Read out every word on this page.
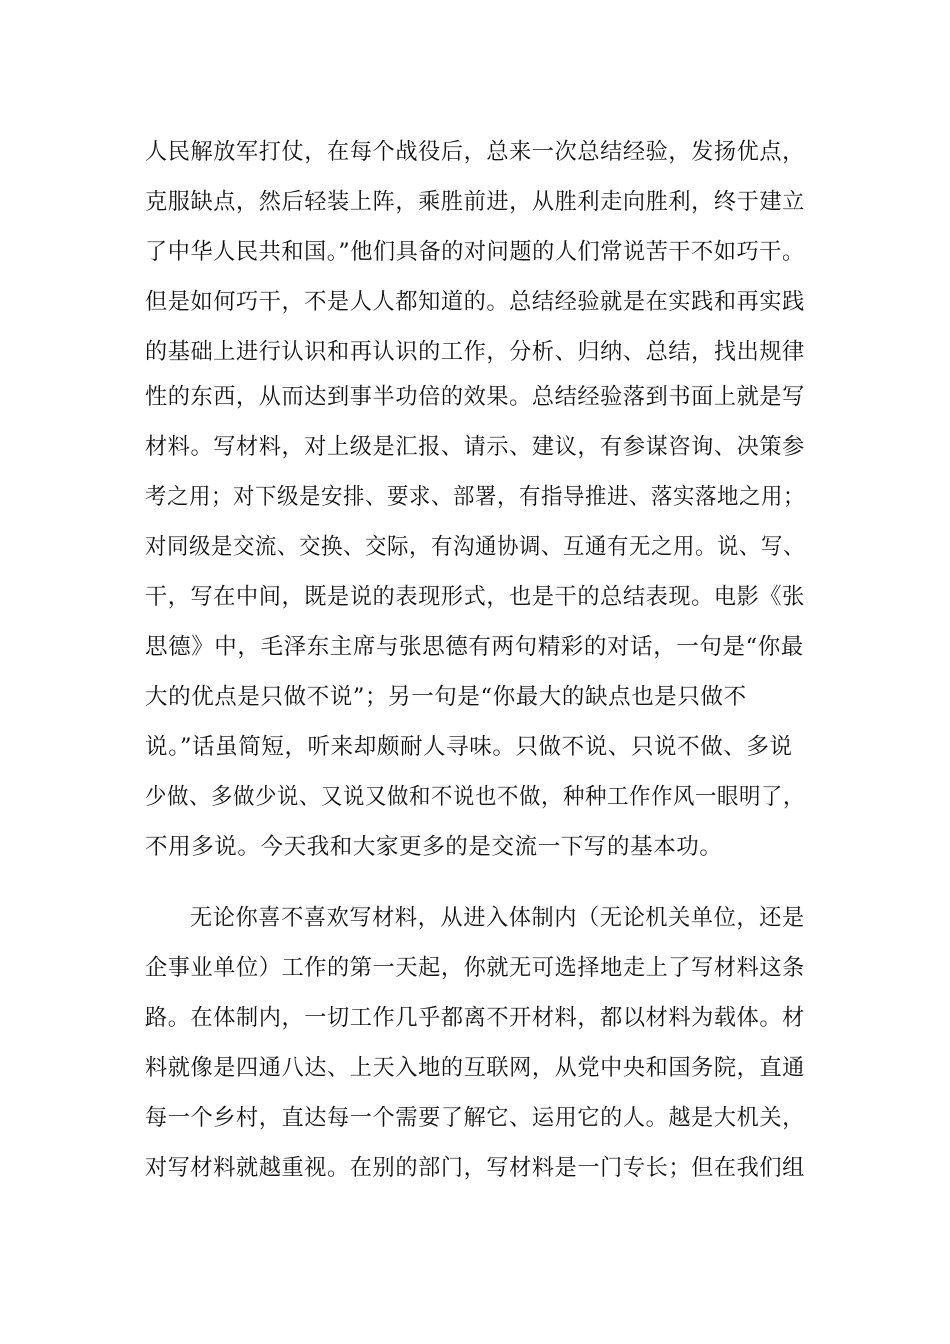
人民解放军打仗，在每个战役后，总来一次总结经验，发扬优点，
克服缺点，然后轻装上阵，乘胜前进，从胜利走向胜利，终于建立
了中华人民共和国。”他们具备的对问题的人们常说苦干不如巧干。
但是如何巧干，不是人人都知道的。总结经验就是在实践和再实践
的基础上进行认识和再认识的工作，分析、归纳、总结，找出规律
性的东西，从而达到事半功倍的效果。总结经验落到书面上就是写
材料。写材料，对上级是汇报、请示、建议，有参谋咨询、决策参
考之用；对下级是安排、要求、部署，有指导推进、落实落地之用；
对同级是交流、交换、交际，有沟通协调、互通有无之用。说、写、
干，写在中间，既是说的表现形式，也是干的总结表现。电影《张
思德》中，毛泽东主席与张思德有两句精彩的对话，一句是“你最
大的优点是只做不说”；另一句是“你最大的缺点也是只做不
说。”话虽简短，听来却颇耐人寻味。只做不说、只说不做、多说
少做、多做少说、又说又做和不说也不做，种种工作作风一眼明了，
不用多说。今天我和大家更多的是交流一下写的基本功。
无论你喜不喜欢写材料，从进入体制内（无论机关单位，还是
企事业单位）工作的第一天起，你就无可选择地走上了写材料这条
路。在体制内，一切工作几乎都离不开材料，都以材料为载体。材
料就像是四通八达、上天入地的互联网，从党中央和国务院，直通
每一个乡村，直达每一个需要了解它、运用它的人。越是大机关，
对写材料就越重视。在别的部门，写材料是一门专长；但在我们组
